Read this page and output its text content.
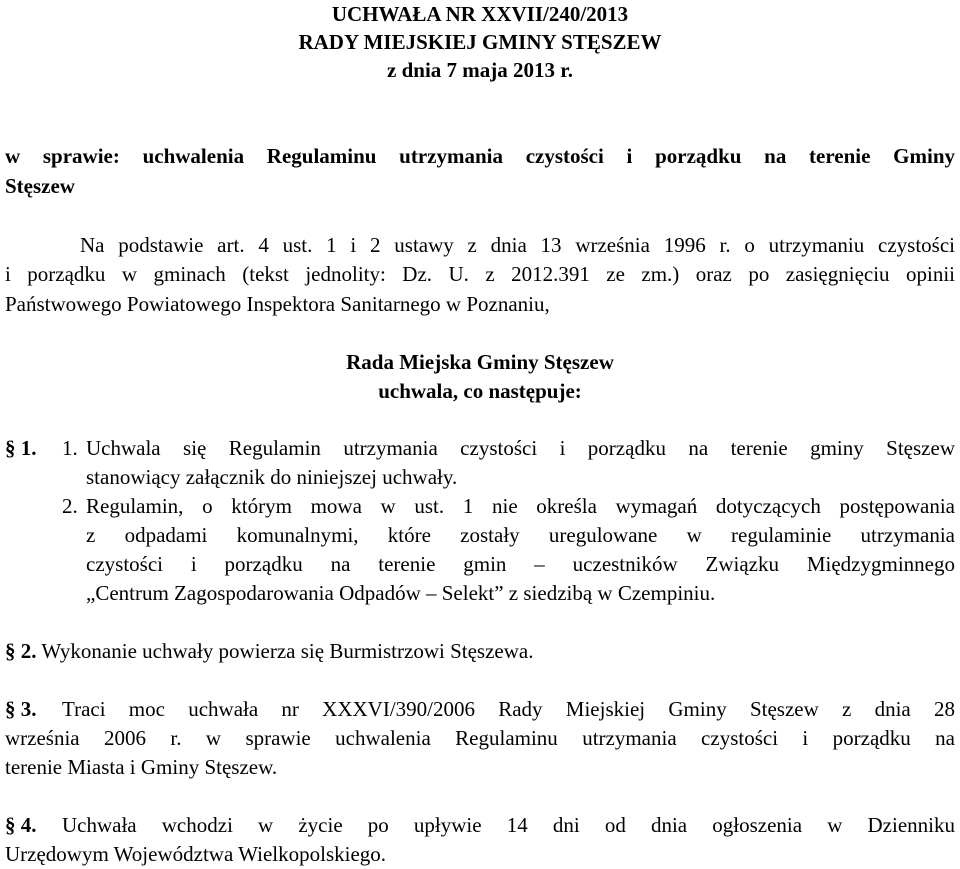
UCHWAŁA NR XXVII/240/2013
RADY MIEJSKIEJ GMINY STĘSZEW
z dnia 7 maja 2013 r.
w sprawie: uchwalenia Regulaminu utrzymania czystości i porządku na terenie Gminy
Stęszew
Na podstawie art. 4 ust. 1 i 2 ustawy z dnia 13 września 1996 r. o utrzymaniu czystości
i porządku w gminach (tekst jednolity: Dz. U. z 2012.391 ze zm.) oraz po zasięgnięciu opinii
Państwowego Powiatowego Inspektora Sanitarnego w Poznaniu,
Rada Miejska Gminy Stęszew
uchwala, co następuje:
§ 1. 1. Uchwala się Regulamin utrzymania czystości i porządku na terenie gminy Stęszew
stanowiący załącznik do niniejszej uchwały.
2. Regulamin, o którym mowa w ust. 1 nie określa wymagań dotyczących postępowania
z odpadami komunalnymi, które zostały uregulowane w regulaminie utrzymania
czystości i porządku na terenie gmin – uczestników Związku Międzygminnego
„Centrum Zagospodarowania Odpadów – Selekt” z siedzibą w Czempiniu.
§ 2. Wykonanie uchwały powierza się Burmistrzowi Stęszewa.
§ 3. Traci moc uchwała nr XXXVI/390/2006 Rady Miejskiej Gminy Stęszew z dnia 28
września 2006 r. w sprawie uchwalenia Regulaminu utrzymania czystości i porządku na
terenie Miasta i Gminy Stęszew.
§ 4. Uchwała wchodzi w życie po upływie 14 dni od dnia ogłoszenia w Dzienniku
Urzędowym Województwa Wielkopolskiego.
